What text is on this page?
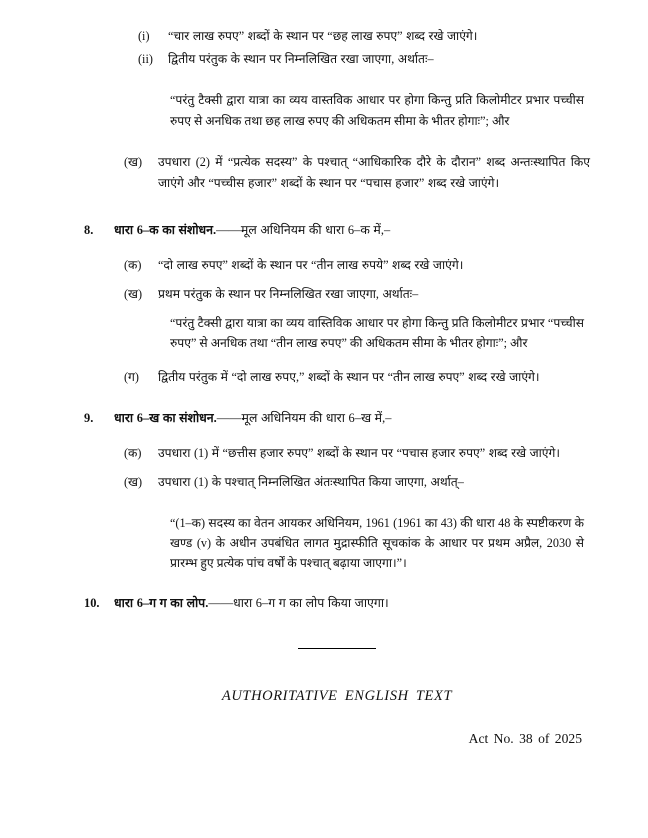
(i)	“चार लाख रुपए” शब्दों के स्थान पर “छह लाख रुपए” शब्द रखे जाएंगे।
(ii)	द्वितीय परंतुक के स्थान पर निम्नलिखित रखा जाएगा, अर्थातः–
“परंतु टैक्सी द्वारा यात्रा का व्यय वास्तविक आधार पर होगा किन्तु प्रति किलोमीटर प्रभार पच्चीस रुपए से अनधिक तथा छह लाख रुपए की अधिकतम सीमा के भीतर होगाः”; और
(ख)	उपधारा (2) में “प्रत्येक सदस्य” के पश्चात् “आधिकारिक दौरे के दौरान” शब्द अन्तःस्थापित किए जाएंगे और “पच्चीस हजार” शब्दों के स्थान पर “पचास हजार” शब्द रखे जाएंगे।
8.	धारा 6–क का संशोधन.——मूल अधिनियम की धारा 6–क में,–
(क)	“दो लाख रुपए” शब्दों के स्थान पर “तीन लाख रुपये” शब्द रखे जाएंगे।
(ख)	प्रथम परंतुक के स्थान पर निम्नलिखित रखा जाएगा, अर्थातः–
“परंतु टैक्सी द्वारा यात्रा का व्यय वास्तिविक आधार पर होगा किन्तु प्रति किलोमीटर प्रभार “पच्चीस रुपए” से अनधिक तथा “तीन लाख रुपए” की अधिकतम सीमा के भीतर होगाः”; और
(ग)	द्वितीय परंतुक में “दो लाख रुपए,” शब्दों के स्थान पर “तीन लाख रुपए” शब्द रखे जाएंगे।
9.	धारा 6–ख का संशोधन.——मूल अधिनियम की धारा 6–ख में,–
(क)	उपधारा (1) में “छत्तीस हजार रुपए” शब्दों के स्थान पर “पचास हजार रुपए” शब्द रखे जाएंगे।
(ख)	उपधारा (1) के पश्चात् निम्नलिखित अंतःस्थापित किया जाएगा, अर्थात्–
“(1–क) सदस्य का वेतन आयकर अधिनियम, 1961 (1961 का 43) की धारा 48 के स्पष्टीकरण के खण्ड (v) के अधीन उपबंधित लागत मुद्रास्फीति सूचकांक के आधार पर प्रथम अप्रैल, 2030 से प्रारम्भ हुए प्रत्येक पांच वर्षों के पश्चात् बढ़ाया जाएगा।”।
10.	धारा 6–ग ग का लोप.——धारा 6–ग ग का लोप किया जाएगा।
AUTHORITATIVE ENGLISH TEXT
Act No. 38 of 2025
